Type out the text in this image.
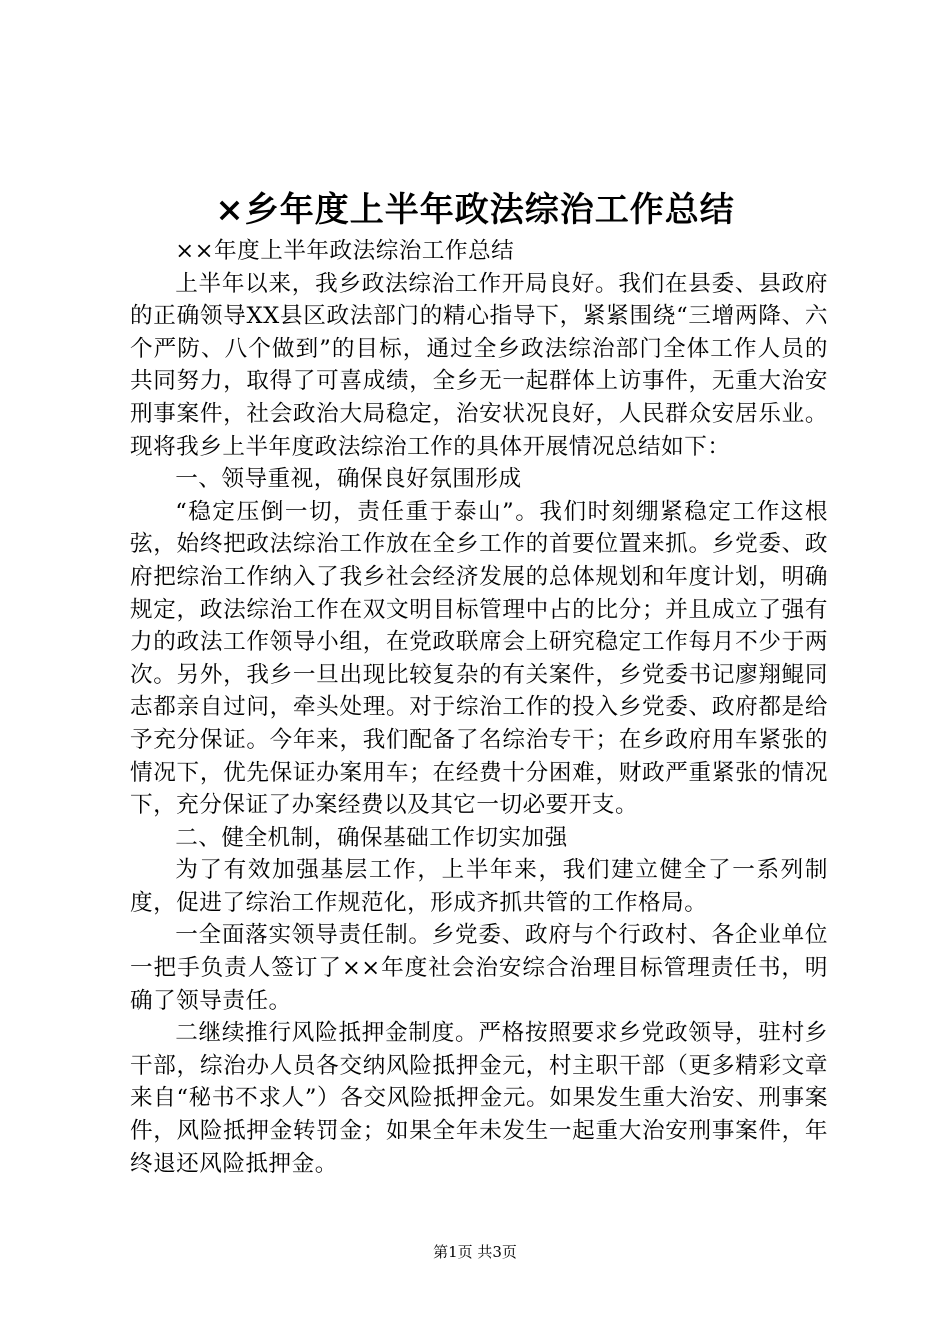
×乡年度上半年政法综治工作总结

××年度上半年政法综治工作总结

上半年以来，我乡政法综治工作开局良好。我们在县委、县政府的正确领导XX县区政法部门的精心指导下，紧紧围绕“三增两降、六个严防、八个做到”的目标，通过全乡政法综治部门全体工作人员的共同努力，取得了可喜成绩，全乡无一起群体上访事件，无重大治安刑事案件，社会政治大局稳定，治安状况良好，人民群众安居乐业。现将我乡上半年度政法综治工作的具体开展情况总结如下：

一、领导重视，确保良好氛围形成

“稳定压倒一切，责任重于泰山”。我们时刻绷紧稳定工作这根弦，始终把政法综治工作放在全乡工作的首要位置来抓。乡党委、政府把综治工作纳入了我乡社会经济发展的总体规划和年度计划，明确规定，政法综治工作在双文明目标管理中占的比分；并且成立了强有力的政法工作领导小组，在党政联席会上研究稳定工作每月不少于两次。另外，我乡一旦出现比较复杂的有关案件，乡党委书记廖翔鲲同志都亲自过问，牵头处理。对于综治工作的投入乡党委、政府都是给予充分保证。今年来，我们配备了名综治专干；在乡政府用车紧张的情况下，优先保证办案用车；在经费十分困难，财政严重紧张的情况下，充分保证了办案经费以及其它一切必要开支。

二、健全机制，确保基础工作切实加强

为了有效加强基层工作，上半年来，我们建立健全了一系列制度，促进了综治工作规范化，形成齐抓共管的工作格局。

一全面落实领导责任制。乡党委、政府与个行政村、各企业单位一把手负责人签订了××年度社会治安综合治理目标管理责任书，明确了领导责任。

二继续推行风险抵押金制度。严格按照要求乡党政领导，驻村乡干部，综治办人员各交纳风险抵押金元，村主职干部（更多精彩文章来自“秘书不求人”）各交风险抵押金元。如果发生重大治安、刑事案件，风险抵押金转罚金；如果全年未发生一起重大治安刑事案件，年终退还风险抵押金。

第1页 共3页
